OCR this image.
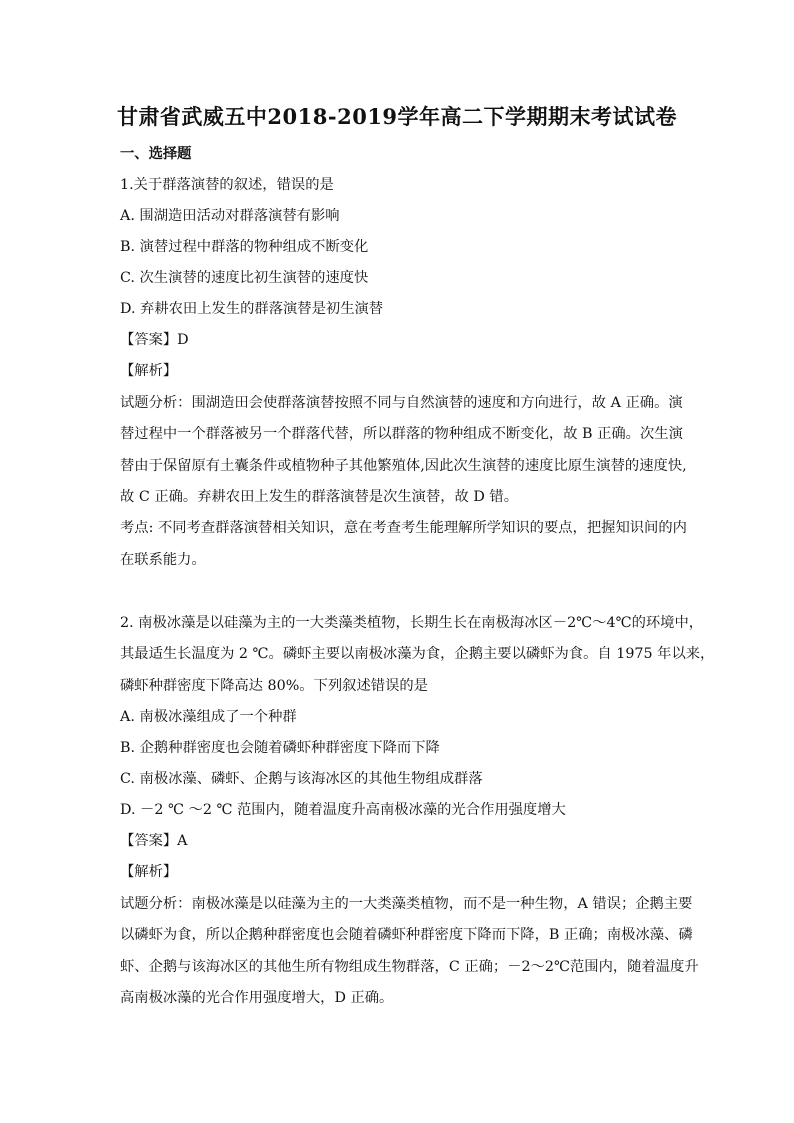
甘肃省武威五中2018-2019学年高二下学期期末考试试卷
一、选择题
1.关于群落演替的叙述，错误的是
A. 围湖造田活动对群落演替有影响
B. 演替过程中群落的物种组成不断变化
C. 次生演替的速度比初生演替的速度快
D. 弃耕农田上发生的群落演替是初生演替
【答案】D
【解析】
试题分析：围湖造田会使群落演替按照不同与自然演替的速度和方向进行，故 A 正确。演
替过程中一个群落被另一个群落代替，所以群落的物种组成不断变化，故 B 正确。次生演
替由于保留原有土囊条件或植物种子其他繁殖体,因此次生演替的速度比原生演替的速度快,
故 C 正确。弃耕农田上发生的群落演替是次生演替，故 D 错。
考点: 不同考查群落演替相关知识，意在考查考生能理解所学知识的要点，把握知识间的内
在联系能力。
2. 南极冰藻是以硅藻为主的一大类藻类植物，长期生长在南极海冰区－2℃～4℃的环境中，
其最适生长温度为 2 ℃。磷虾主要以南极冰藻为食，企鹅主要以磷虾为食。自 1975 年以来，
磷虾种群密度下降高达 80%。下列叙述错误的是
A. 南极冰藻组成了一个种群
B. 企鹅种群密度也会随着磷虾种群密度下降而下降
C. 南极冰藻、磷虾、企鹅与该海冰区的其他生物组成群落
D. －2 ℃ ～2 ℃ 范围内，随着温度升高南极冰藻的光合作用强度增大
【答案】A
【解析】
试题分析：南极冰藻是以硅藻为主的一大类藻类植物，而不是一种生物，A 错误；企鹅主要
以磷虾为食，所以企鹅种群密度也会随着磷虾种群密度下降而下降，B 正确；南极冰藻、磷
虾、企鹅与该海冰区的其他生所有物组成生物群落，C 正确；－2～2℃范围内，随着温度升
高南极冰藻的光合作用强度增大，D 正确。
